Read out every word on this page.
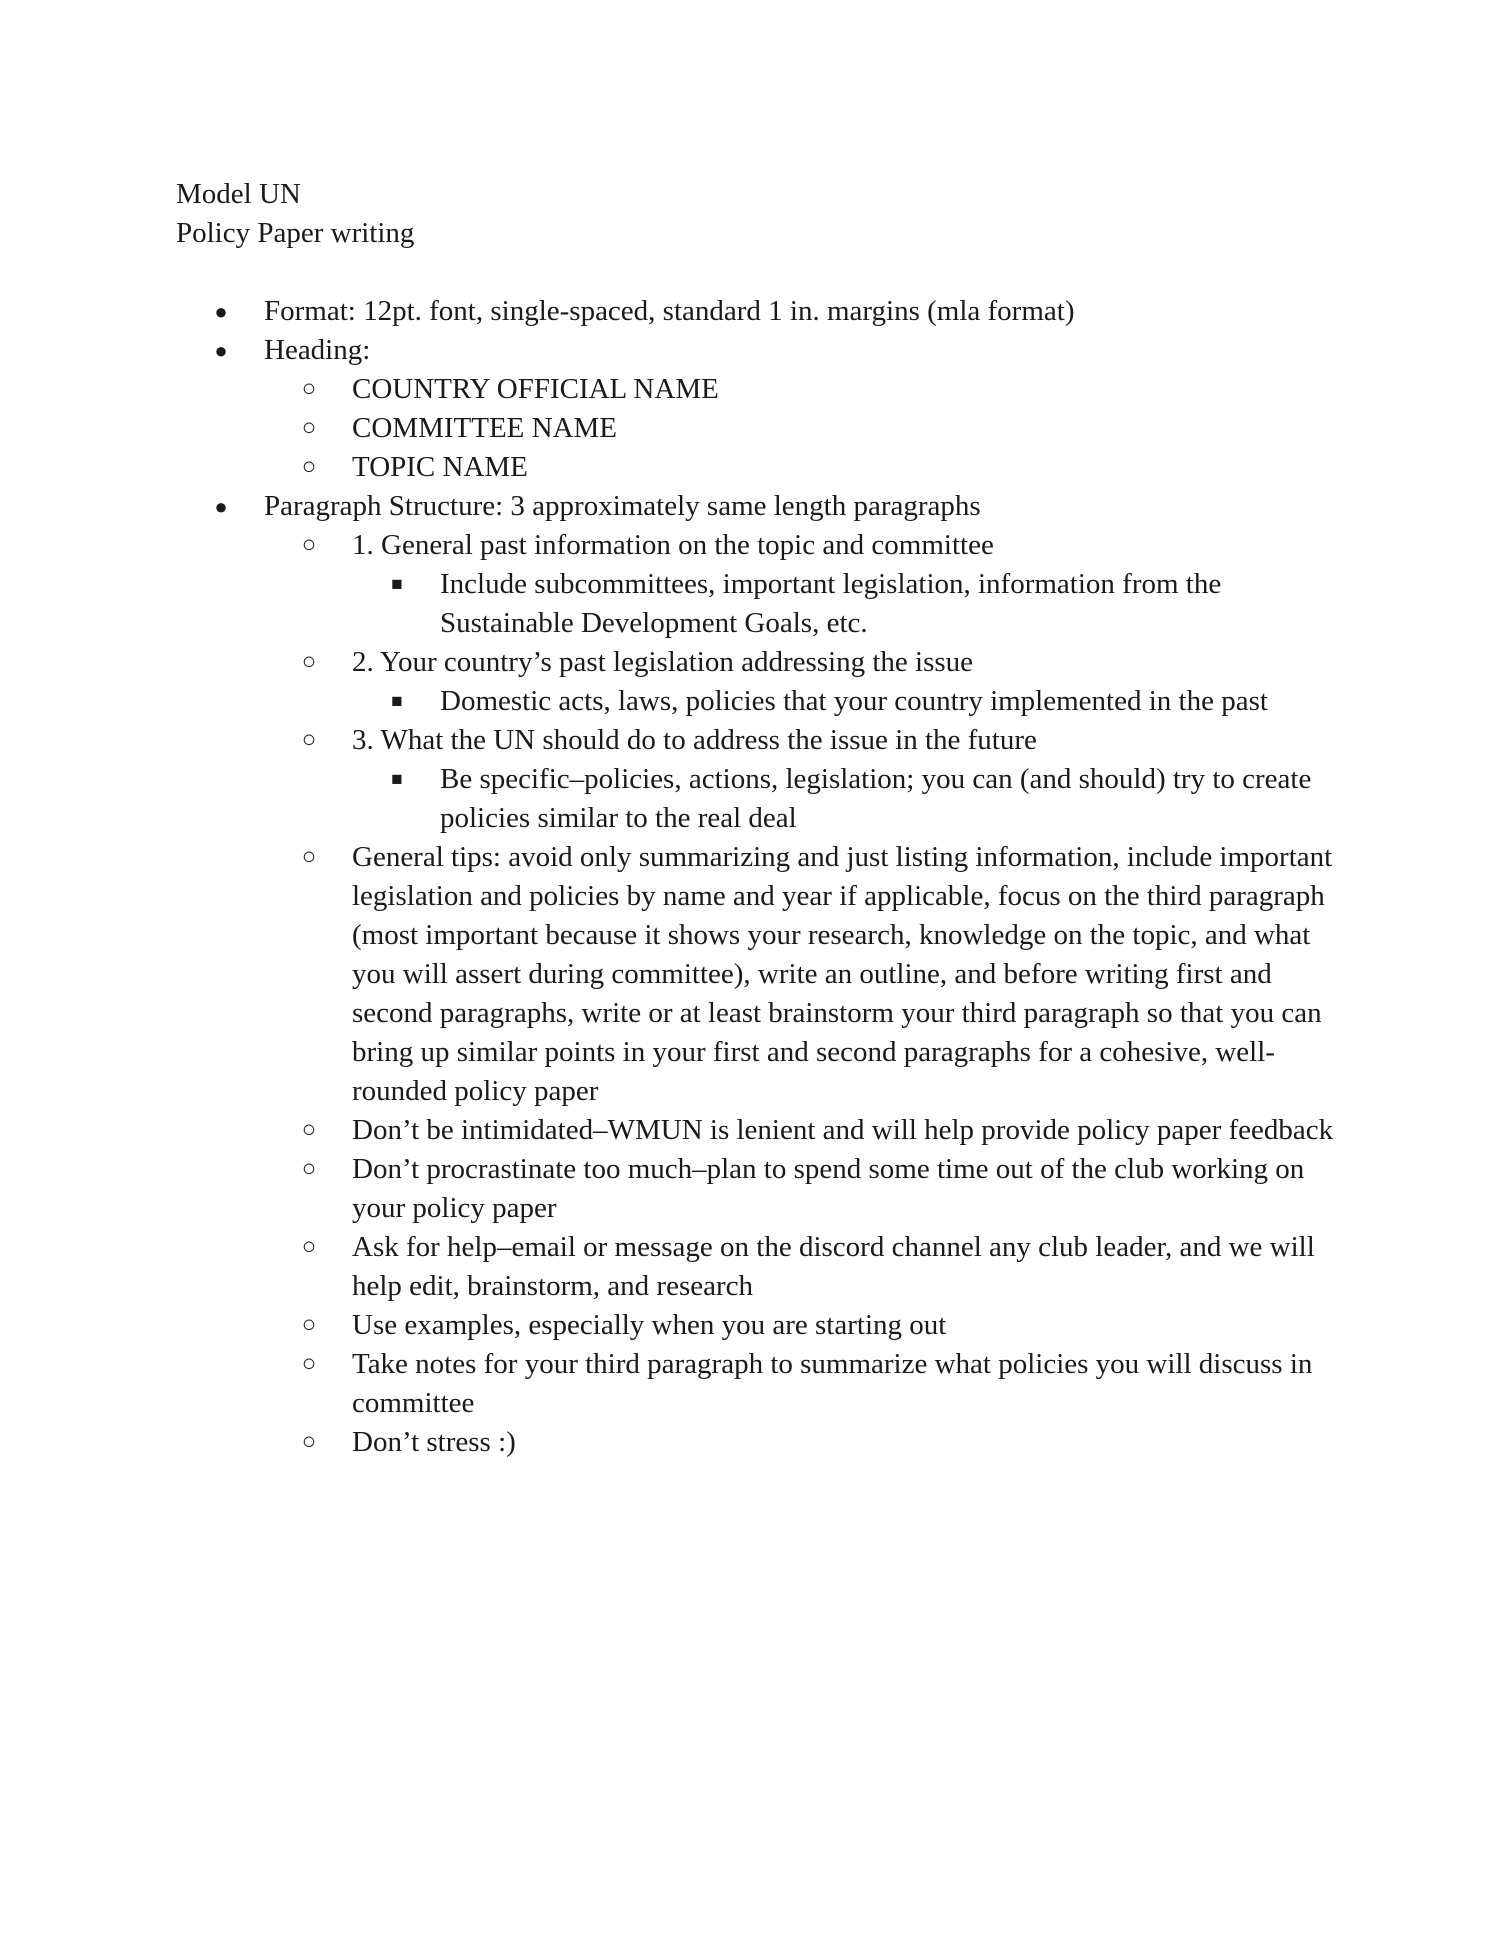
Model UN

Policy Paper writing

● Format: 12pt. font, single-spaced, standard 1 in. margins (mla format)
● Heading:
○ COUNTRY OFFICIAL NAME
○ COMMITTEE NAME
○ TOPIC NAME
● Paragraph Structure: 3 approximately same length paragraphs
○ 1. General past information on the topic and committee
■	Include subcommittees, important legislation, information from the Sustainable Development Goals, etc.
○ 2. Your country’s past legislation addressing the issue
■	Domestic acts, laws, policies that your country implemented in the past
○ 3. What the UN should do to address the issue in the future
■	Be specific–policies, actions, legislation; you can (and should) try to create policies similar to the real deal
○ General tips: avoid only summarizing and just listing information, include important legislation and policies by name and year if applicable, focus on the third paragraph (most important because it shows your research, knowledge on the topic, and what you will assert during committee), write an outline, and before writing first and second paragraphs, write or at least brainstorm your third paragraph so that you can bring up similar points in your first and second paragraphs for a cohesive, well-rounded policy paper
○ Don’t be intimidated–WMUN is lenient and will help provide policy paper feedback
○ Don’t procrastinate too much–plan to spend some time out of the club working on your policy paper
○ Ask for help–email or message on the discord channel any club leader, and we will help edit, brainstorm, and research
○ Use examples, especially when you are starting out
○ Take notes for your third paragraph to summarize what policies you will discuss in committee
○ Don’t stress :)
